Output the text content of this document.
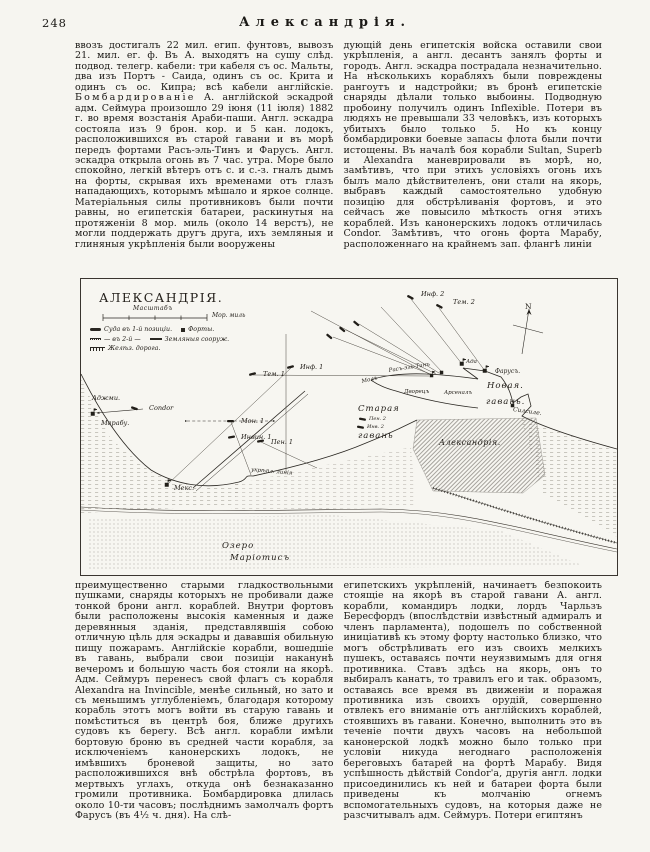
248	Александрія.

ввозъ достигалъ 22 мил. егип. фунтовъ, вывозъ 21. мил. ег. ф. Въ А. выходятъ на сушу слѣд. подвод. телегр. кабели: три кабеля съ ос. Мальты, два изъ Портъ - Саида, одинъ съ ос. Крита и одинъ съ ос. Кипра; всѣ кабели англійскіе. Бомбардированіе А. англійской эскадрой адм. Сеймура произошло 29 іюня (11 іюля) 1882 г. во время возстанія Араби-паши. Англ. эскадра состояла изъ 9 брон. кор. и 5 кан. лодокъ, расположившихся въ старой гавани и въ морѣ передъ фортами Расъ-эль-Тинъ и Фарусъ. Англ. эскадра открыла огонь въ 7 час. утра. Море было спокойно, легкій вѣтеръ отъ с. и с.-з. гналъ дымъ на форты, скрывая ихъ временами отъ глазъ нападающихъ, которымъ мѣшало и яркое солнце. Матеріальныя силы противниковъ были почти равны, но египетскія батареи, раскинутыя на протяженіи 8 мор. миль (около 14 верстъ), не могли поддержать другъ друга, ихъ земляныя и глиняныя укрѣпленія были вооружены

дующій день египетскія войска оставили свои укрѣпленія, а англ. десантъ занялъ форты и городъ. Англ. эскадра пострадала незначительно. На нѣсколькихъ корабляхъ были повреждены рангоутъ и надстройки; въ бронѣ египетскіе снаряды дѣлали только выбоины. Подводную пробоину получилъ одинъ Inflexible. Потери въ людяхъ не превышали 33 человѣкъ, изъ которыхъ убитыхъ было только 5. Но къ концу бомбардировки боевые запасы флота были почти истощены. Въ началѣ боя корабли Sultan, Superb и Alexandra маневрировали въ морѣ, но, замѣтивъ, что при этихъ условіяхъ огонь ихъ былъ мало дѣйствителенъ, они стали на якорь, выбравъ каждый самостоятельно удобную позицію для обстрѣливанія фортовъ, и это сейчасъ же повысило мѣткость огня этихъ кораблей. Изъ канонерскихъ лодокъ отличилась Condor. Замѣтивъ, что огонь форта Марабу, расположеннаго на крайнемъ зап. флангѣ линіи

Суда въ 1-й позиціи.	Форты.
— въ 2-й —	Земляныя сооруж.
Желѣз. дорога.
АЛЕКСАНДРІЯ.
Масштабъ
Мор. миль
N
Инф. 2
Тем. 2
Тем. 1
Инф. 1
Мон. 1
Инвин. 1
Пен. 1
Condor
Аджми.
Марабу.
Мекс.
укрѣпл. линія
Молъ
Расъ-эль-Тинъ
Дворецъ	Арсеналъ
Старая
гавань
Пен. 2
Инв. 2
Ада
Фарусъ.
Новая.
гавань.
Силсиле.
Александрія.
Озеро
Маріотисъ

преимущественно старыми гладкоствольными пушками, снаряды которыхъ не пробивали даже тонкой брони англ. кораблей. Внутри фортовъ были расположены высокія каменныя и даже деревянныя зданія, представлявшія собою отличную цѣль для эскадры и дававшія обильную пищу пожарамъ. Англійскіе корабли, вошедшіе въ гавань, выбрали свои позиціи наканунѣ вечеромъ и большую часть боя стояли на якорѣ. Адм. Сеймуръ перенесъ свой флагъ съ корабля Alexandra на Invincible, менѣе сильный, но зато и съ меньшимъ углубленіемъ, благодаря которому корабль этотъ могъ войти въ старую гавань и помѣститься въ центрѣ боя, ближе другихъ судовъ къ берегу. Всѣ англ. корабли имѣли бортовую броню въ средней части корабля, за исключеніемъ канонерскихъ лодокъ, не имѣвшихъ броневой защиты, но зато расположившихся внѣ обстрѣла фортовъ, въ мертвыхъ углахъ, откуда онѣ безнаказанно громили противника. Бомбардировка длилась около 10-ти часовъ; послѣднимъ замолчалъ фортъ Фарусъ (въ 4½ ч. дня). На слѣ-

египетскихъ укрѣпленій, начинаетъ безпокоить стоящіе на якорѣ въ старой гавани А. англ. корабли, командиръ лодки, лордъ Чарльзъ Бересфордъ (впослѣдствіи извѣстный адмиралъ и членъ парламента), подошелъ по собственной иниціативѣ къ этому форту настолько близко, что могъ обстрѣливать его изъ своихъ мелкихъ пушекъ, оставаясь почти неуязвимымъ для огня противника. Ставъ здѣсь на якорь, онъ то выбиралъ канатъ, то травилъ его и так. образомъ, оставаясь все время въ движеніи и поражая противника изъ своихъ орудій, совершенно отвлекъ его вниманіе отъ англійскихъ кораблей, стоявшихъ въ гавани. Конечно, выполнить это въ теченіе почти двухъ часовъ на небольшой канонерской лодкѣ можно было только при условіи никуда негоднаго расположенія береговыхъ батарей на фортѣ Марабу. Видя успѣшность дѣйствій Condor'а, другія англ. лодки присоединились къ ней и батареи форта были приведены къ молчанію огнемъ вспомогательныхъ судовъ, на которыя даже не разсчитывалъ адм. Сеймуръ. Потери египтянъ
